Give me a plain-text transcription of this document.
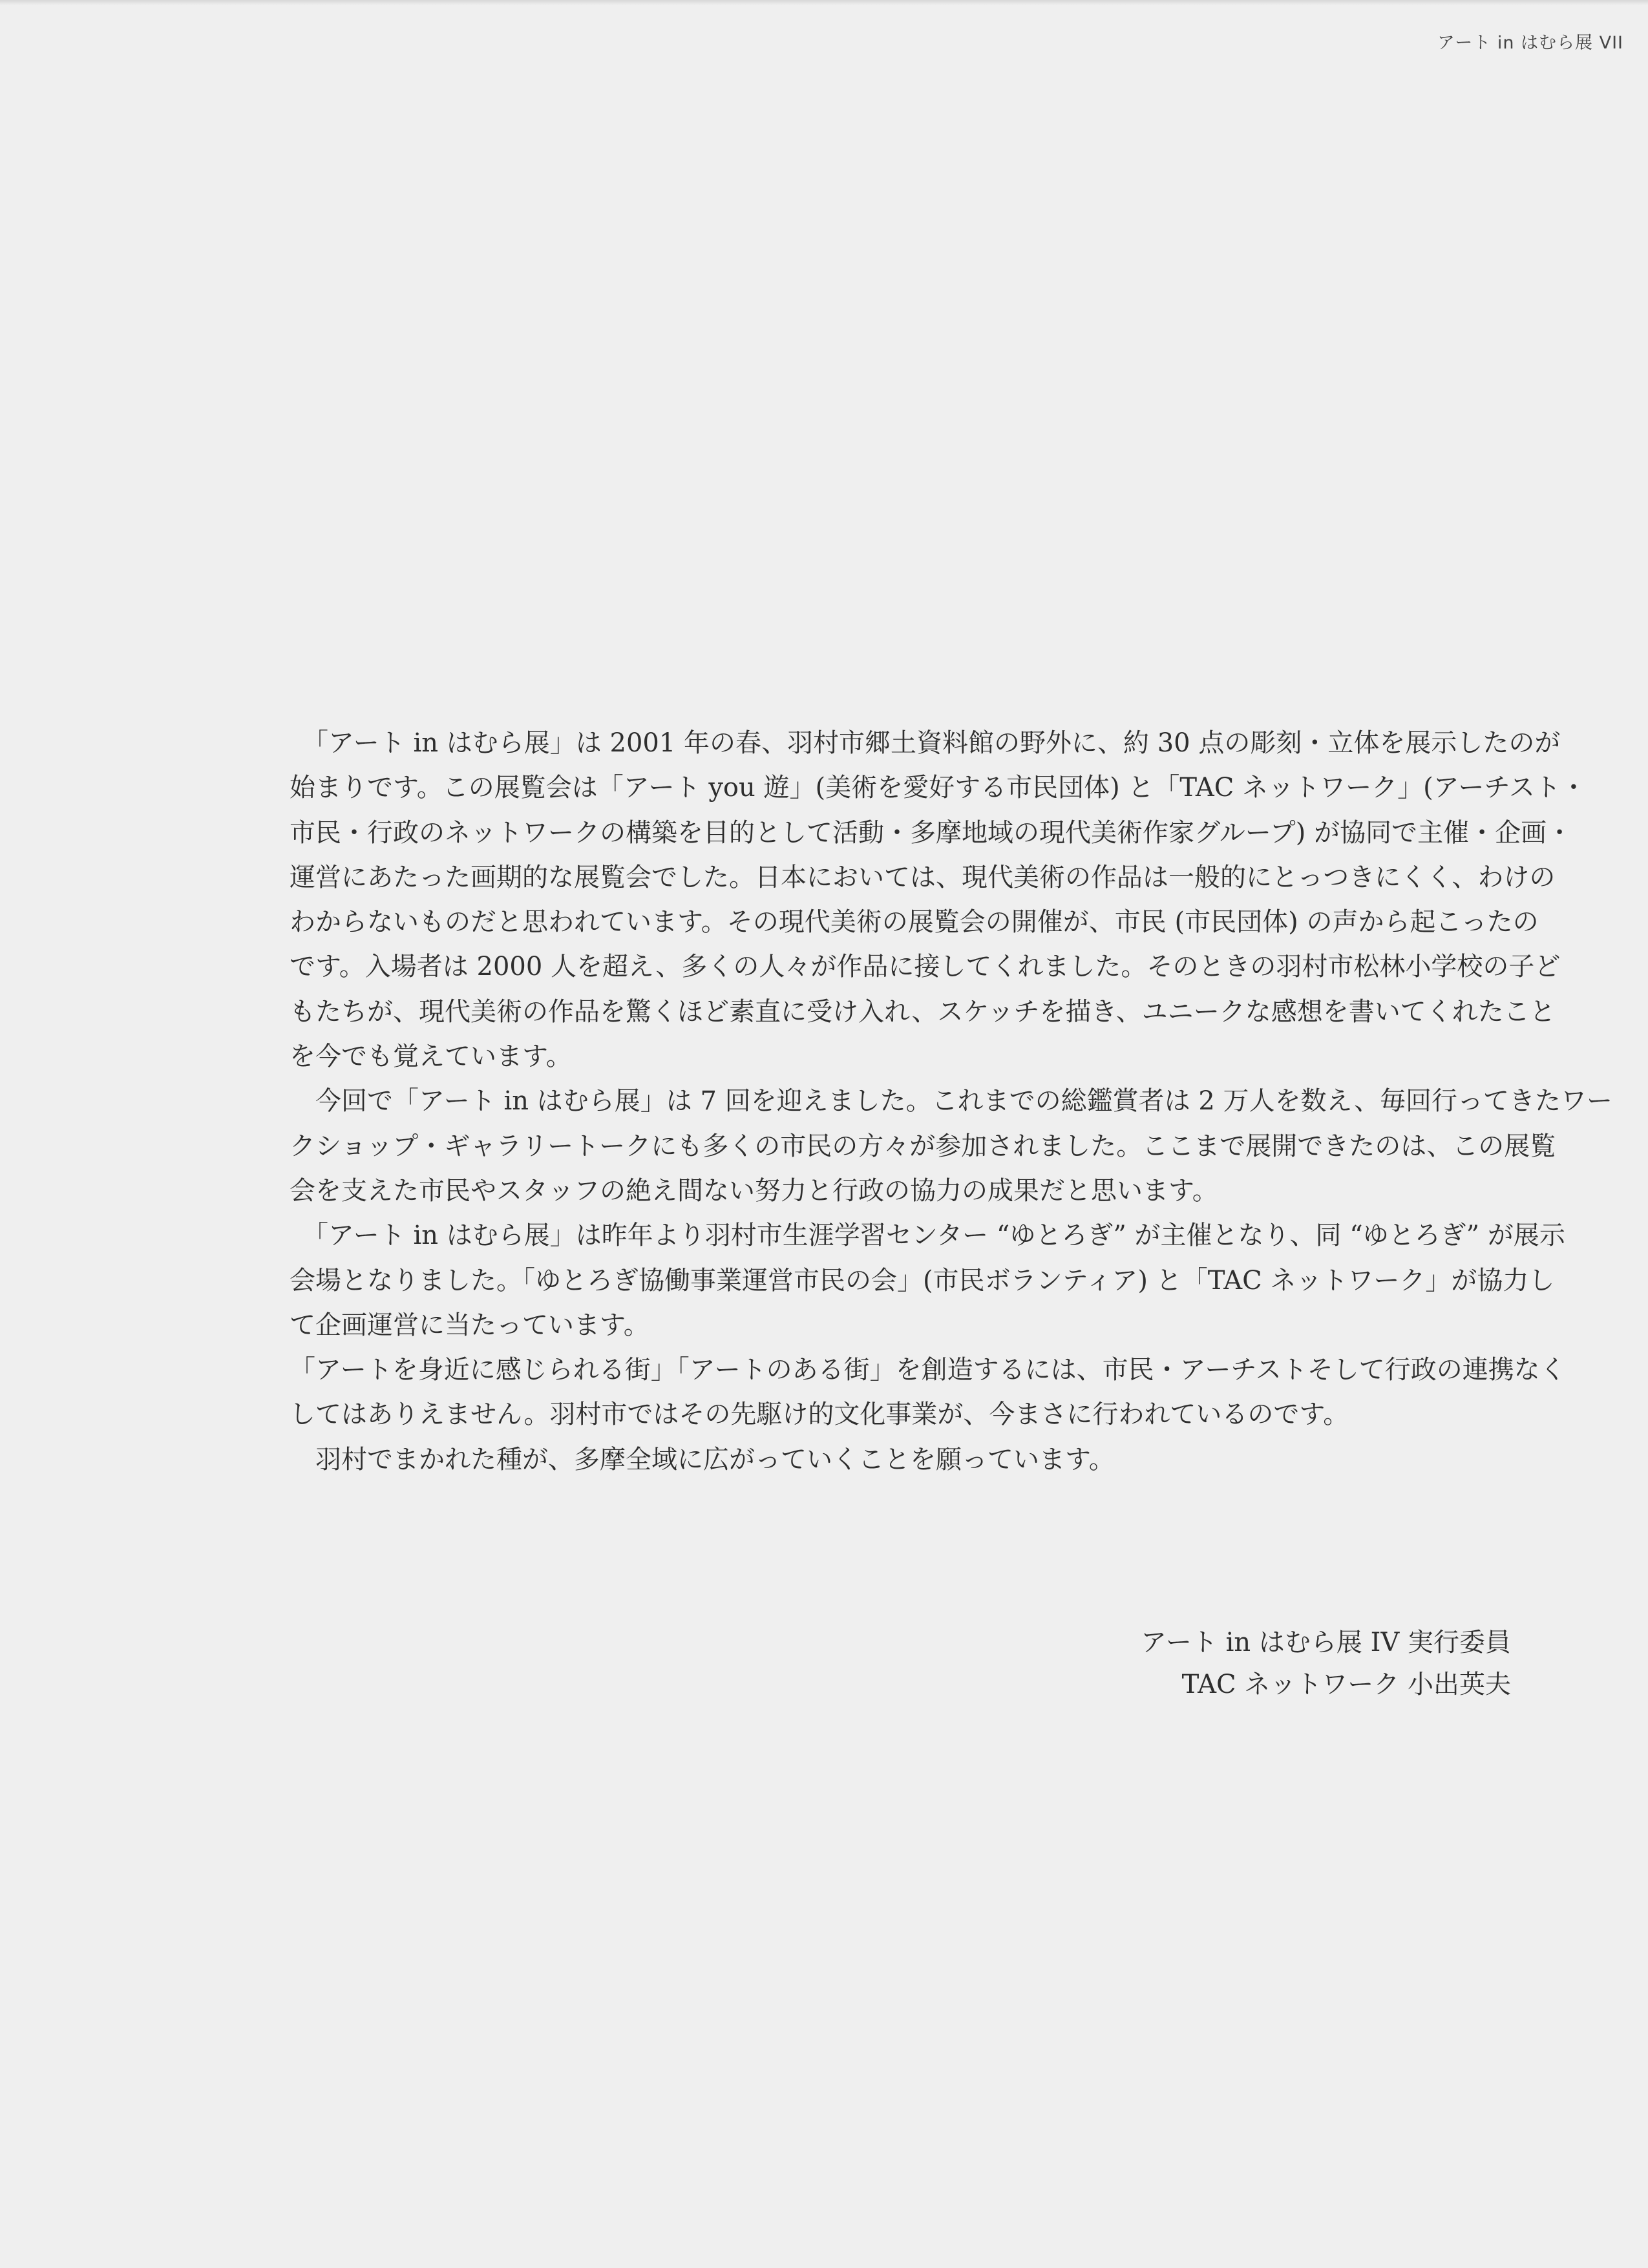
アート in はむら展 VII
「アート in はむら展」は 2001 年の春、羽村市郷土資料館の野外に、約 30 点の彫刻・立体を展示したのが
始まりです。この展覧会は「アート you 遊」(美術を愛好する市民団体) と「TAC ネットワーク」(アーチスト・
市民・行政のネットワークの構築を目的として活動・多摩地域の現代美術作家グループ) が協同で主催・企画・
運営にあたった画期的な展覧会でした。日本においては、現代美術の作品は一般的にとっつきにくく、わけの
わからないものだと思われています。その現代美術の展覧会の開催が、市民 (市民団体) の声から起こったの
です。入場者は 2000 人を超え、多くの人々が作品に接してくれました。そのときの羽村市松林小学校の子ど
もたちが、現代美術の作品を驚くほど素直に受け入れ、スケッチを描き、ユニークな感想を書いてくれたこと
を今でも覚えています。
　今回で「アート in はむら展」は 7 回を迎えました。これまでの総鑑賞者は 2 万人を数え、毎回行ってきたワー
クショップ・ギャラリートークにも多くの市民の方々が参加されました。ここまで展開できたのは、この展覧
会を支えた市民やスタッフの絶え間ない努力と行政の協力の成果だと思います。
「アート in はむら展」は昨年より羽村市生涯学習センター “ゆとろぎ” が主催となり、同 “ゆとろぎ” が展示
会場となりました。「ゆとろぎ協働事業運営市民の会」(市民ボランティア) と「TAC ネットワーク」が協力し
て企画運営に当たっています。
「アートを身近に感じられる街」「アートのある街」を創造するには、市民・アーチストそして行政の連携なく
してはありえません。羽村市ではその先駆け的文化事業が、今まさに行われているのです。
　羽村でまかれた種が、多摩全域に広がっていくことを願っています。
アート in はむら展 IV 実行委員
TAC ネットワーク 小出英夫
